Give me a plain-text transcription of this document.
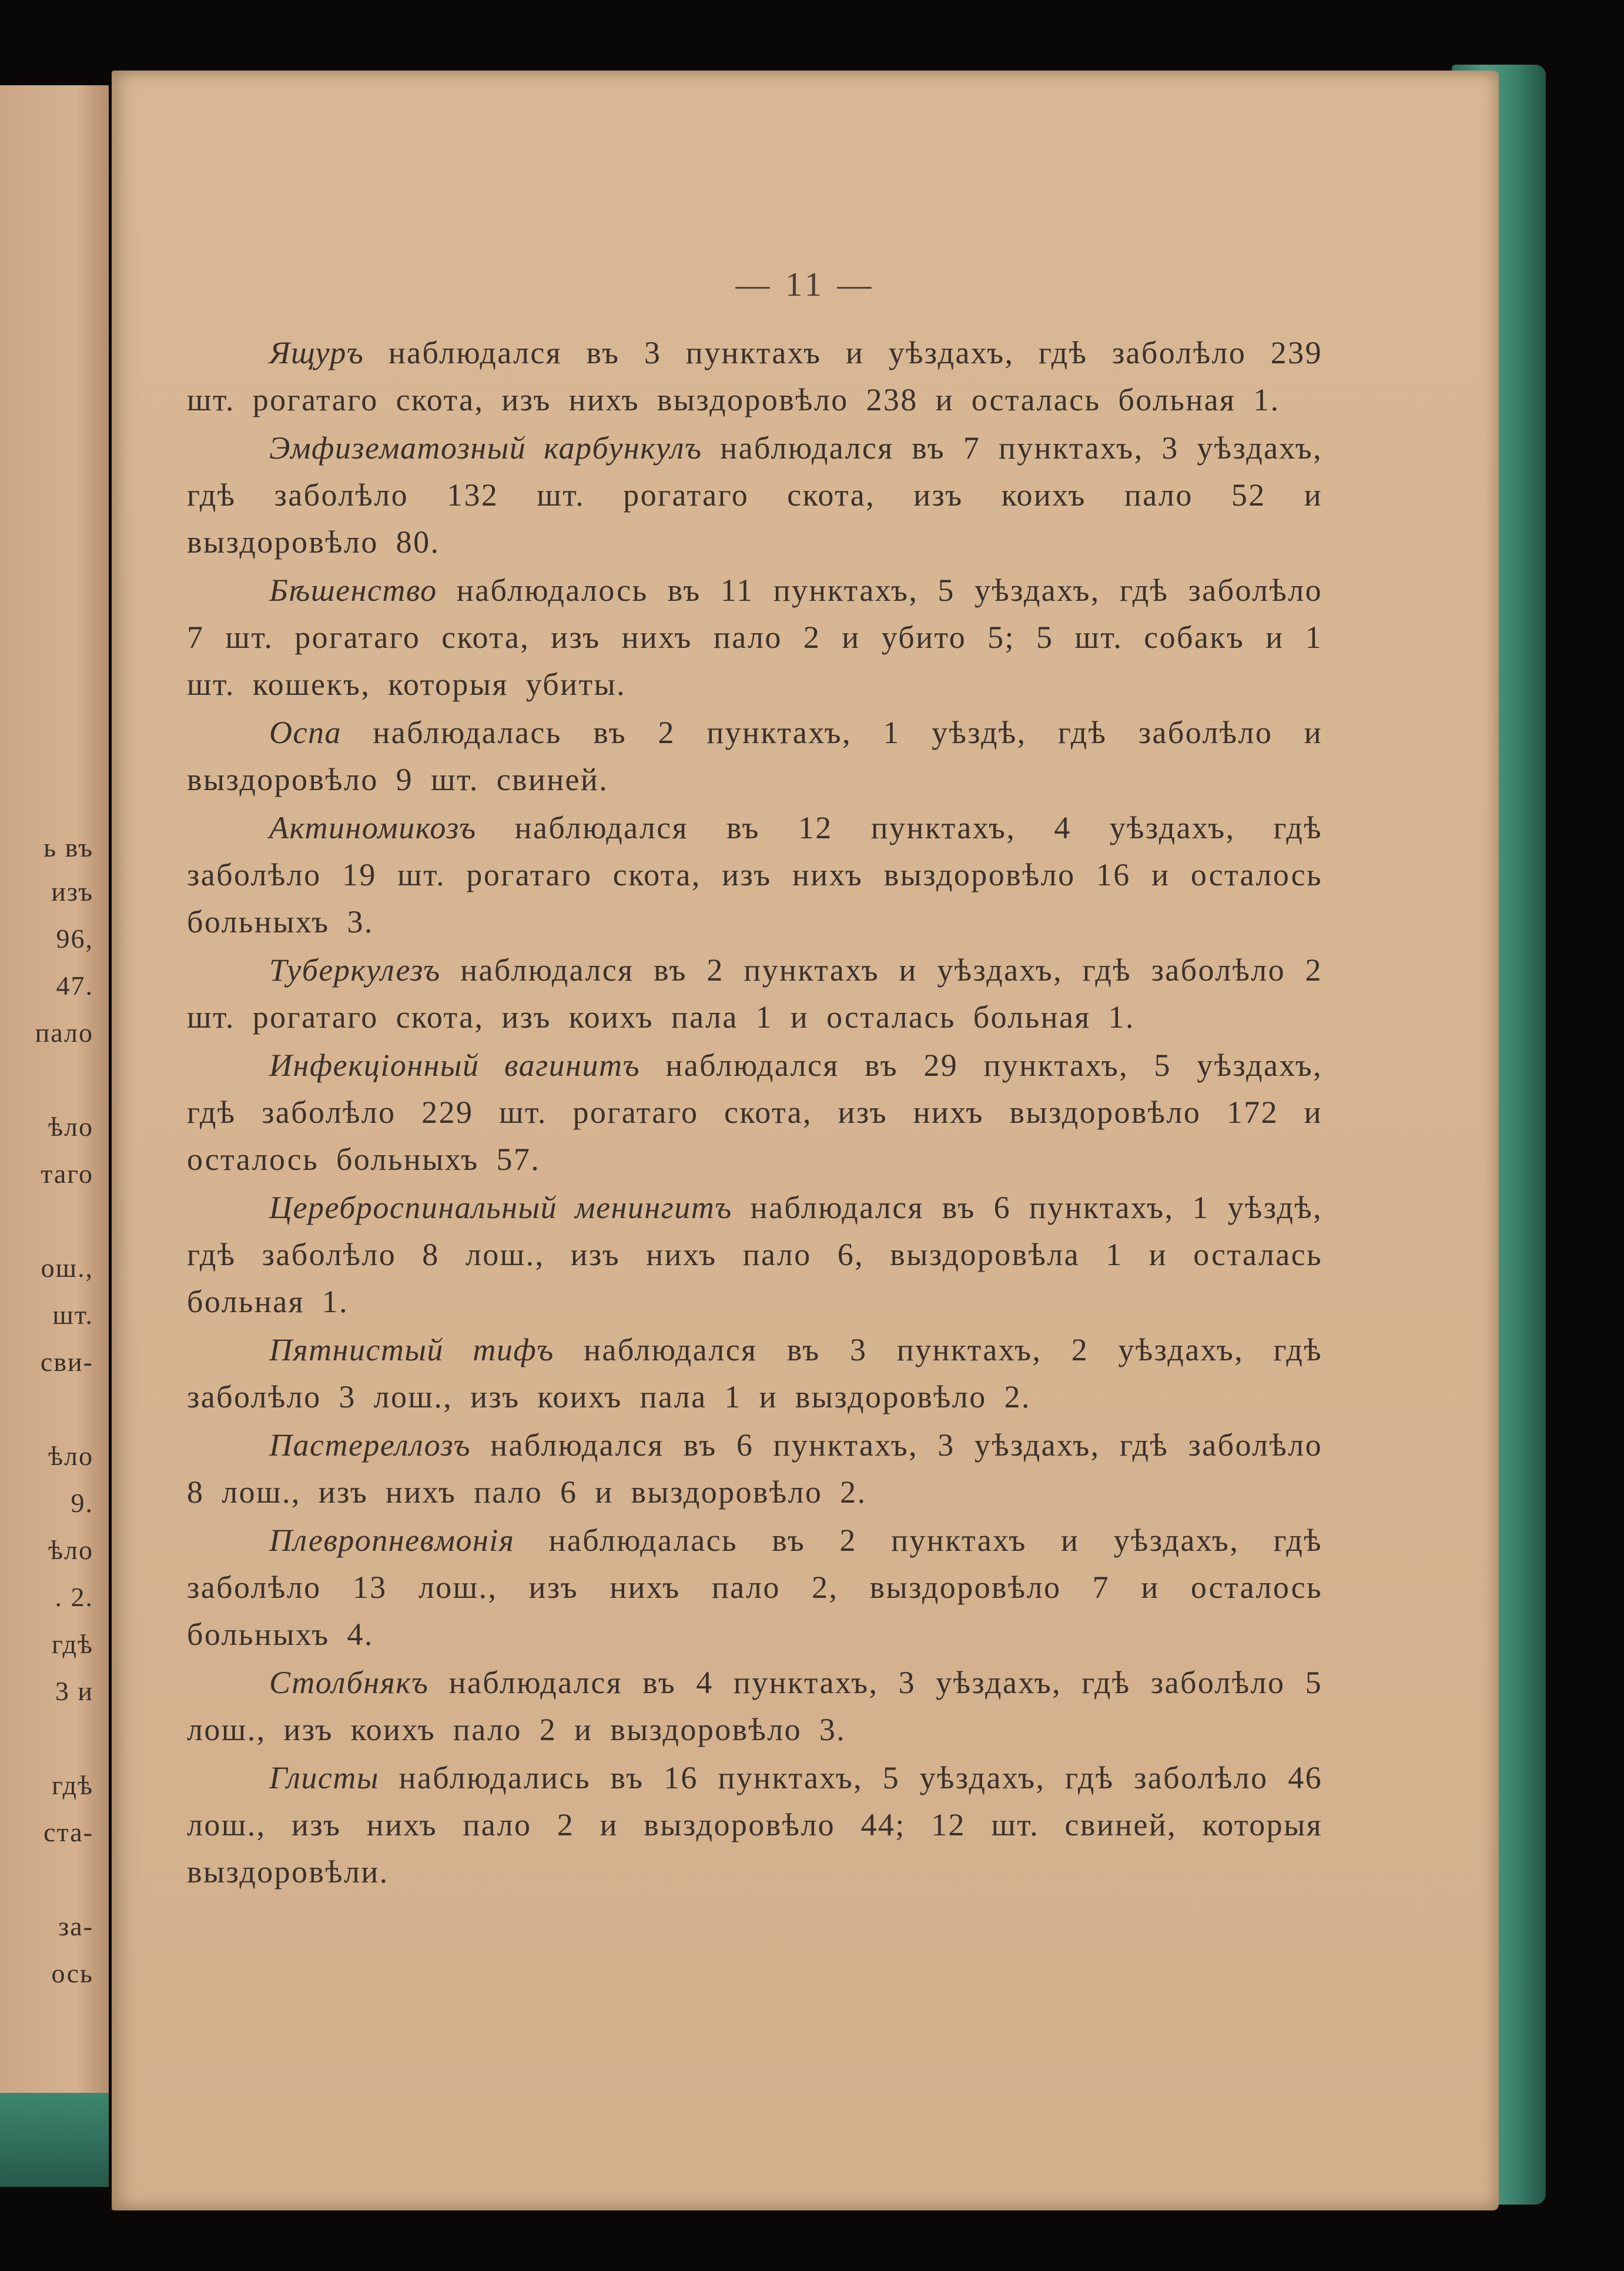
ь въ
изъ
96,
47.
пало
ѣло
таго
ош.,
шт.
сви-
ѣло
9.
ѣло
. 2.
гдѣ
3 и
гдѣ
ста-
за-
ось
— 11 —

Ящуръ наблюдался въ 3 пунктахъ и уѣздахъ, гдѣ заболѣло 239 шт. рогатаго скота, изъ нихъ выздоровѣло 238 и осталась больная 1.

Эмфизематозный карбункулъ наблюдался въ 7 пунктахъ, 3 уѣздахъ, гдѣ заболѣло 132 шт. рогатаго скота, изъ коихъ пало 52 и выздоровѣло 80.

Бѣшенство наблюдалось въ 11 пунктахъ, 5 уѣздахъ, гдѣ заболѣло 7 шт. рогатаго скота, изъ нихъ пало 2 и убито 5; 5 шт. собакъ и 1 шт. кошекъ, которыя убиты.

Оспа наблюдалась въ 2 пунктахъ, 1 уѣздѣ, гдѣ заболѣло и выздоровѣло 9 шт. свиней.

Актиномикозъ наблюдался въ 12 пунктахъ, 4 уѣздахъ, гдѣ заболѣло 19 шт. рогатаго скота, изъ нихъ выздоровѣло 16 и осталось больныхъ 3.

Туберкулезъ наблюдался въ 2 пунктахъ и уѣздахъ, гдѣ заболѣло 2 шт. рогатаго скота, изъ коихъ пала 1 и осталась больная 1.

Инфекціонный вагинитъ наблюдался въ 29 пунктахъ, 5 уѣздахъ, гдѣ заболѣло 229 шт. рогатаго скота, изъ нихъ выздоровѣло 172 и осталось больныхъ 57.

Цереброспинальный менингитъ наблюдался въ 6 пунктахъ, 1 уѣздѣ, гдѣ заболѣло 8 лош., изъ нихъ пало 6, выздоровѣла 1 и осталась больная 1.

Пятнистый тифъ наблюдался въ 3 пунктахъ, 2 уѣздахъ, гдѣ заболѣло 3 лош., изъ коихъ пала 1 и выздоровѣло 2.

Пастереллозъ наблюдался въ 6 пунктахъ, 3 уѣздахъ, гдѣ заболѣло 8 лош., изъ нихъ пало 6 и выздоровѣло 2.

Плевропневмонія наблюдалась въ 2 пунктахъ и уѣздахъ, гдѣ заболѣло 13 лош., изъ нихъ пало 2, выздоровѣло 7 и осталось больныхъ 4.

Столбнякъ наблюдался въ 4 пунктахъ, 3 уѣздахъ, гдѣ заболѣло 5 лош., изъ коихъ пало 2 и выздоровѣло 3.

Глисты наблюдались въ 16 пунктахъ, 5 уѣздахъ, гдѣ заболѣло 46 лош., изъ нихъ пало 2 и выздоровѣло 44; 12 шт. свиней, которыя выздоровѣли.
